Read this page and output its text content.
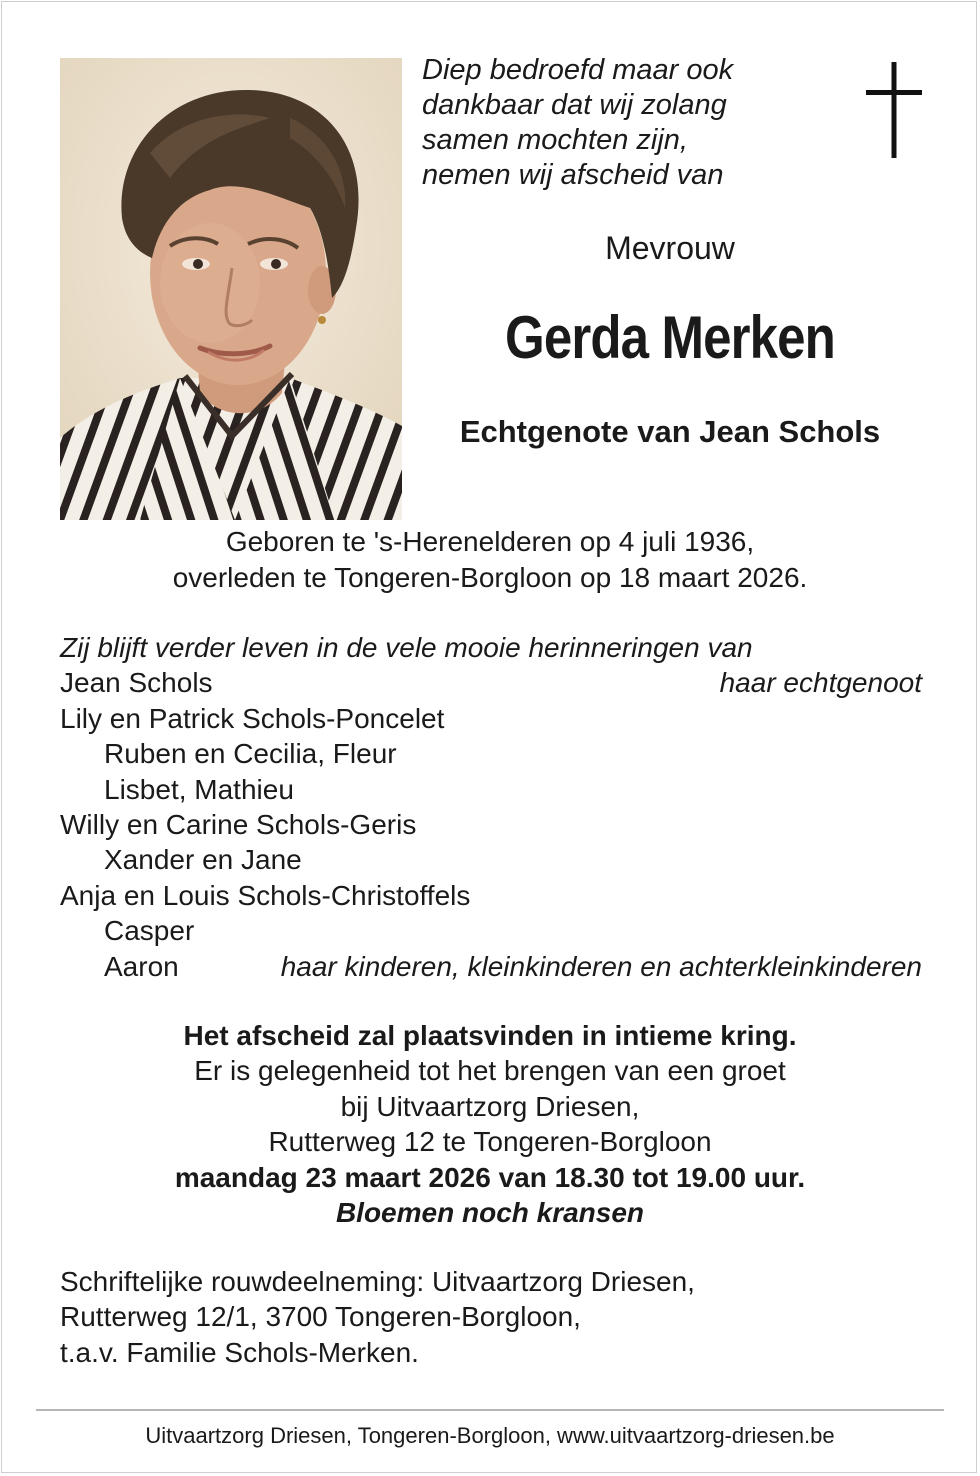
Diep bedroefd maar ook
dankbaar dat wij zolang
samen mochten zijn,
nemen wij afscheid van
Mevrouw
Gerda Merken
Echtgenote van Jean Schols
Geboren te 's-Herenelderen op 4 juli 1936,
overleden te Tongeren-Borgloon op 18 maart 2026.
Zij blijft verder leven in de vele mooie herinneringen van
Jean Schols	haar echtgenoot
Lily en Patrick Schols-Poncelet
Ruben en Cecilia, Fleur
Lisbet, Mathieu
Willy en Carine Schols-Geris
Xander en Jane
Anja en Louis Schols-Christoffels
Casper
Aaron	haar kinderen, kleinkinderen en achterkleinkinderen
Het afscheid zal plaatsvinden in intieme kring.
Er is gelegenheid tot het brengen van een groet
bij Uitvaartzorg Driesen,
Rutterweg 12 te Tongeren-Borgloon
maandag 23 maart 2026 van 18.30 tot 19.00 uur.
Bloemen noch kransen
Schriftelijke rouwdeelneming: Uitvaartzorg Driesen,
Rutterweg 12/1, 3700 Tongeren-Borgloon,
t.a.v. Familie Schols-Merken.
Uitvaartzorg Driesen, Tongeren-Borgloon, www.uitvaartzorg-driesen.be
